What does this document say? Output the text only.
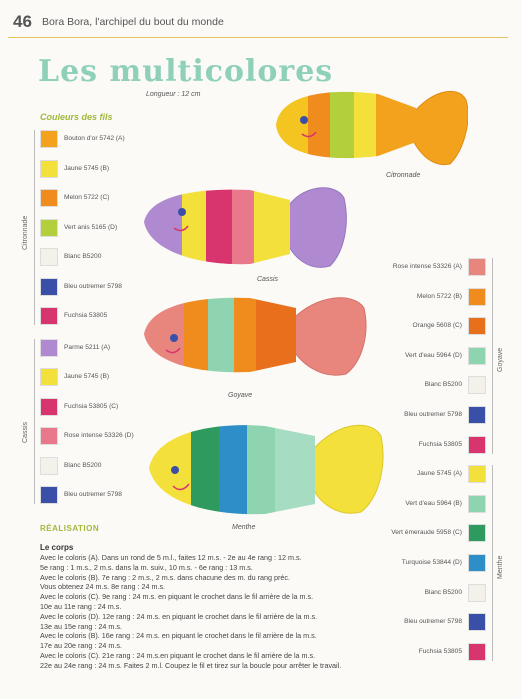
46 Bora Bora, l'archipel du bout du monde
Les multicolores
Longueur : 12 cm
Couleurs des fils
Bouton d'or 5742 (A)
Jaune 5745 (B)
Melon 5722 (C)
Vert anis 5165 (D)
Blanc B5200
Bleu outremer 5798
Fuchsia 53805
Citronnade
Parme 5211 (A)
Jaune 5745 (B)
Fuchsia 53805 (C)
Rose intense 53326 (D)
Blanc B5200
Bleu outremer 5798
Cassis
Rose intense 53326 (A)
Melon 5722 (B)
Orange 5608 (C)
Vert d'eau 5964 (D)
Blanc B5200
Bleu outremer 5798
Fuchsia 53805
Goyave
Jaune 5745 (A)
Vert d'eau 5964 (B)
Vert émeraude 5958 (C)
Turquoise 53844 (D)
Blanc B5200
Bleu outremer 5798
Fuchsia 53805
Menthe
Citronnade
Cassis
Goyave
Menthe
RÉALISATION
Le corps
Avec le coloris (A). Dans un rond de 5 m.l., faites 12 m.s. - 2e au 4e rang : 12 m.s.
5e rang : 1 m.s., 2 m.s. dans la m. suiv., 10 m.s. - 6e rang : 13 m.s.
Avec le coloris (B). 7e rang : 2 m.s., 2 m.s. dans chacune des m. du rang préc.
Vous obtenez 24 m.s. 8e rang : 24 m.s.
Avec le coloris (C). 9e rang : 24 m.s. en piquant le crochet dans le fil arrière de la m.s.
10e au 11e rang : 24 m.s.
Avec le coloris (D). 12e rang : 24 m.s. en piquant le crochet dans le fil arrière de la m.s.
13e au 15e rang : 24 m.s.
Avec le coloris (B). 16e rang : 24 m.s. en piquant le crochet dans le fil arrière de la m.s.
17e au 20e rang : 24 m.s.
Avec le coloris (C). 21e rang : 24 m.s.en piquant le crochet dans le fil arrière de la m.s.
22e au 24e rang : 24 m.s. Faites 2 m.l. Coupez le fil et tirez sur la boucle pour arrêter le travail.
